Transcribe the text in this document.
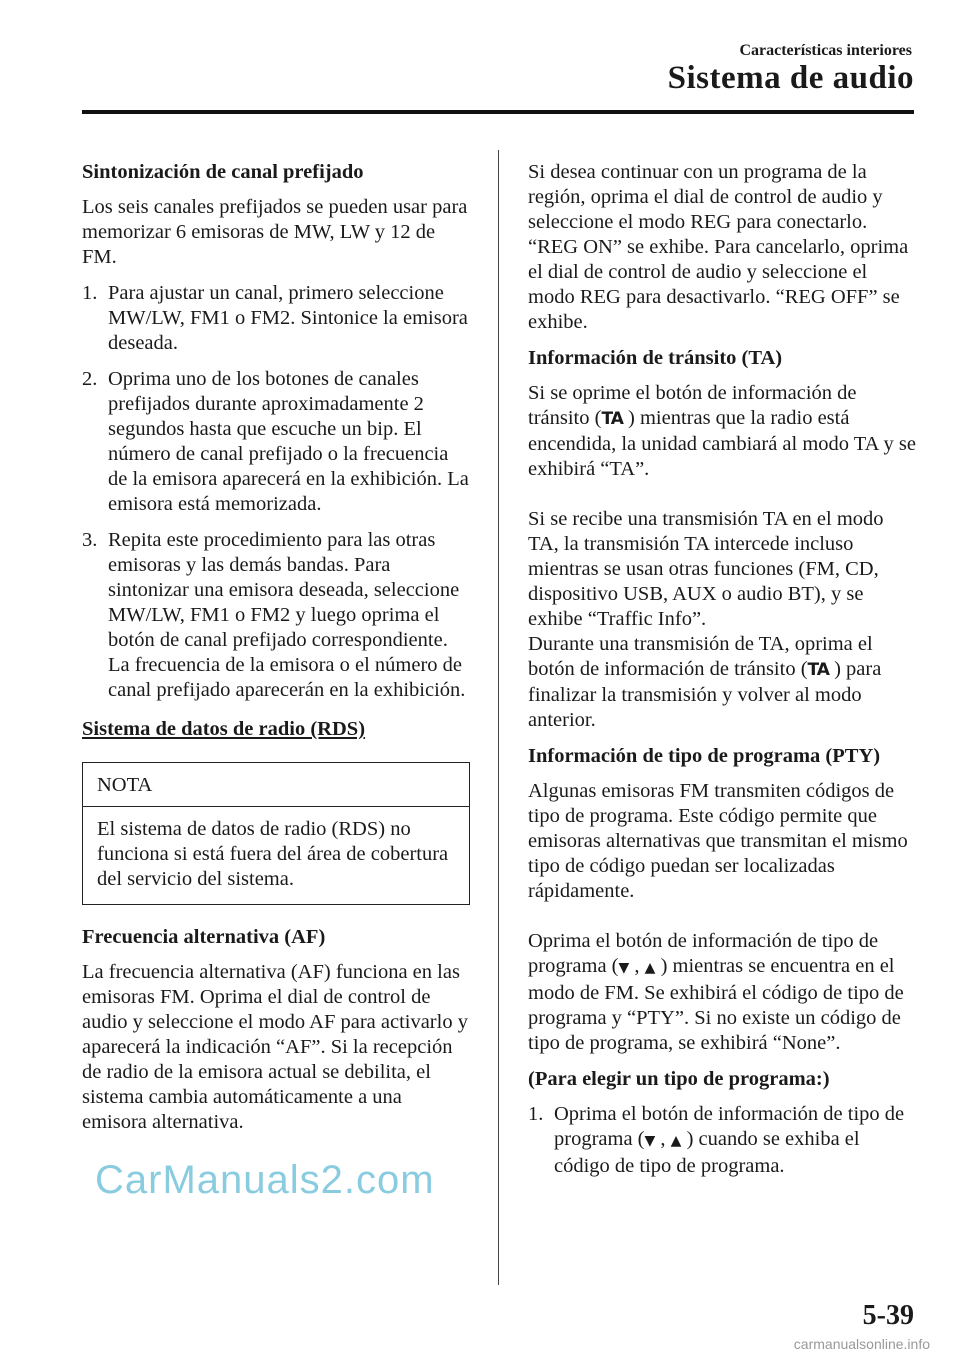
Características interiores
Sistema de audio

Sintonización de canal prefijado

Los seis canales prefijados se pueden usar para memorizar 6 emisoras de MW, LW y 12 de FM.

1. Para ajustar un canal, primero seleccione MW/LW, FM1 o FM2. Sintonice la emisora deseada.
2. Oprima uno de los botones de canales prefijados durante aproximadamente 2 segundos hasta que escuche un bip. El número de canal prefijado o la frecuencia de la emisora aparecerá en la exhibición. La emisora está memorizada.
3. Repita este procedimiento para las otras emisoras y las demás bandas. Para sintonizar una emisora deseada, seleccione MW/LW, FM1 o FM2 y luego oprima el botón de canal prefijado correspondiente. La frecuencia de la emisora o el número de canal prefijado aparecerán en la exhibición.

Sistema de datos de radio (RDS)

NOTA
El sistema de datos de radio (RDS) no funciona si está fuera del área de cobertura del servicio del sistema.

Frecuencia alternativa (AF)

La frecuencia alternativa (AF) funciona en las emisoras FM. Oprima el dial de control de audio y seleccione el modo AF para activarlo y aparecerá la indicación “AF”. Si la recepción de radio de la emisora actual se debilita, el sistema cambia automáticamente a una emisora alternativa.

Si desea continuar con un programa de la región, oprima el dial de control de audio y seleccione el modo REG para conectarlo. “REG ON” se exhibe. Para cancelarlo, oprima el dial de control de audio y seleccione el modo REG para desactivarlo. “REG OFF” se exhibe.

Información de tránsito (TA)

Si se oprime el botón de información de tránsito (TA ) mientras que la radio está encendida, la unidad cambiará al modo TA y se exhibirá “TA”.

Si se recibe una transmisión TA en el modo TA, la transmisión TA intercede incluso mientras se usan otras funciones (FM, CD, dispositivo USB, AUX o audio BT), y se exhibe “Traffic Info”.

Durante una transmisión de TA, oprima el botón de información de tránsito (TA ) para finalizar la transmisión y volver al modo anterior.

Información de tipo de programa (PTY)

Algunas emisoras FM transmiten códigos de tipo de programa. Este código permite que emisoras alternativas que transmitan el mismo tipo de código puedan ser localizadas rápidamente.

Oprima el botón de información de tipo de programa (▼ , ▲ ) mientras se encuentra en el modo de FM. Se exhibirá el código de tipo de programa y “PTY”. Si no existe un código de tipo de programa, se exhibirá “None”.

(Para elegir un tipo de programa:)

1. Oprima el botón de información de tipo de programa (▼ , ▲ ) cuando se exhiba el código de tipo de programa.
CarManuals2.com
5-39
carmanualsonline.info
